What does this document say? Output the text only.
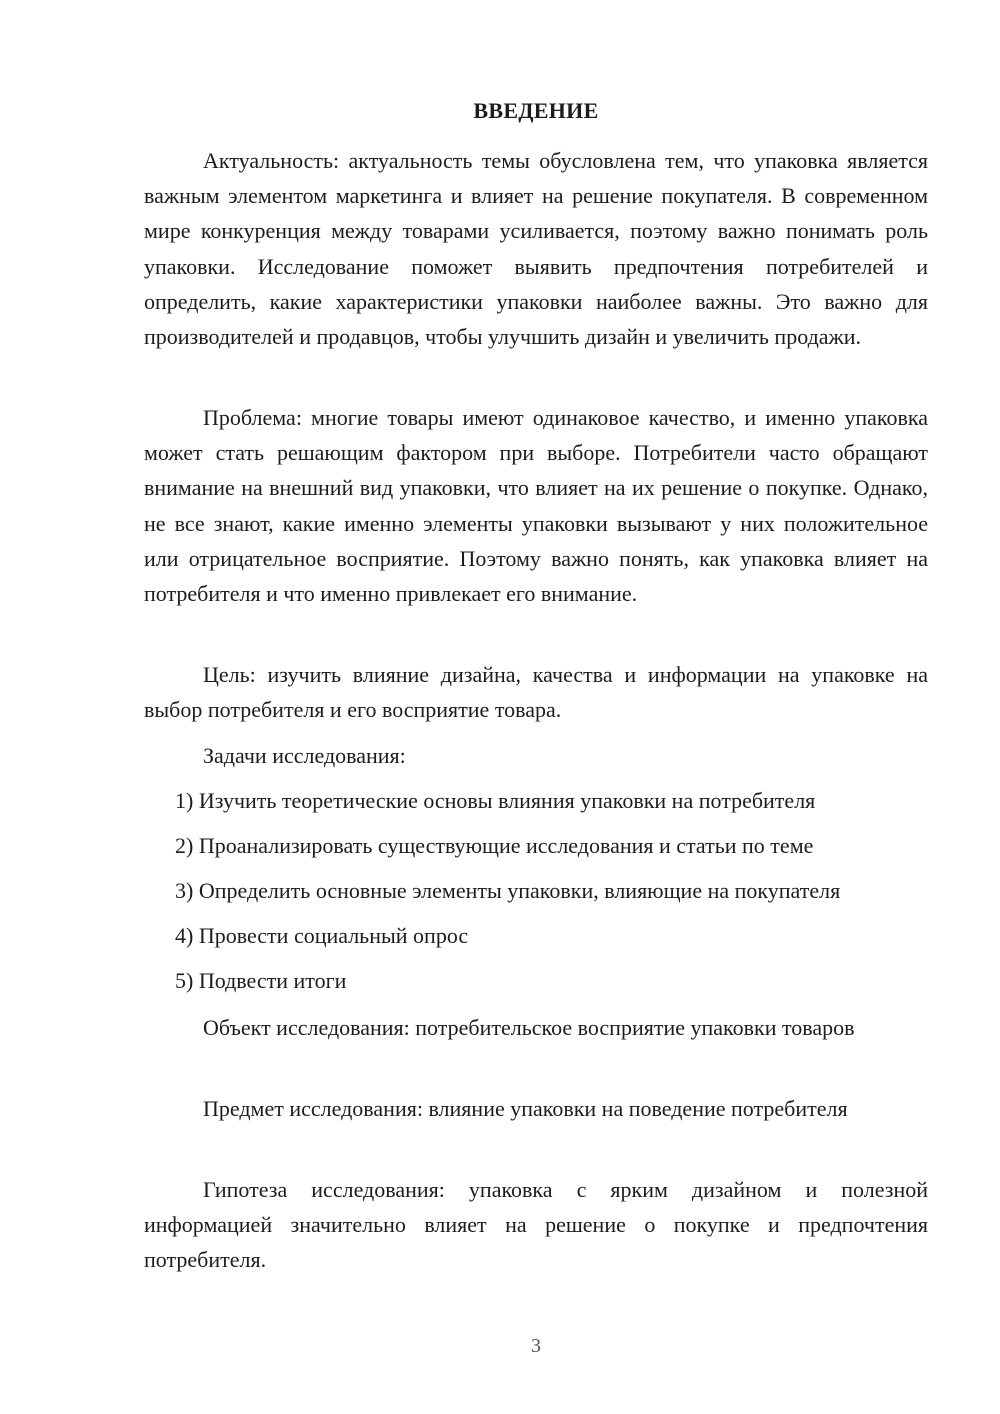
ВВЕДЕНИЕ

Актуальность: актуальность темы обусловлена тем, что упаковка является важным элементом маркетинга и влияет на решение покупателя. В современном мире конкуренция между товарами усиливается, поэтому важно понимать роль упаковки. Исследование поможет выявить предпочтения потребителей и определить, какие характеристики упаковки наиболее важны. Это важно для производителей и продавцов, чтобы улучшить дизайн и увеличить продажи.

Проблема: многие товары имеют одинаковое качество, и именно упаковка может стать решающим фактором при выборе. Потребители часто обращают внимание на внешний вид упаковки, что влияет на их решение о покупке. Однако, не все знают, какие именно элементы упаковки вызывают у них положительное или отрицательное восприятие. Поэтому важно понять, как упаковка влияет на потребителя и что именно привлекает его внимание.

Цель: изучить влияние дизайна, качества и информации на упаковке на выбор потребителя и его восприятие товара.

Задачи исследования:

1) Изучить теоретические основы влияния упаковки на потребителя

2) Проанализировать существующие исследования и статьи по теме

3) Определить основные элементы упаковки, влияющие на покупателя

4) Провести социальный опрос

5) Подвести итоги

Объект исследования: потребительское восприятие упаковки товаров

Предмет исследования: влияние упаковки на поведение потребителя

Гипотеза исследования: упаковка с ярким дизайном и полезной информацией значительно влияет на решение о покупке и предпочтения потребителя.

3
